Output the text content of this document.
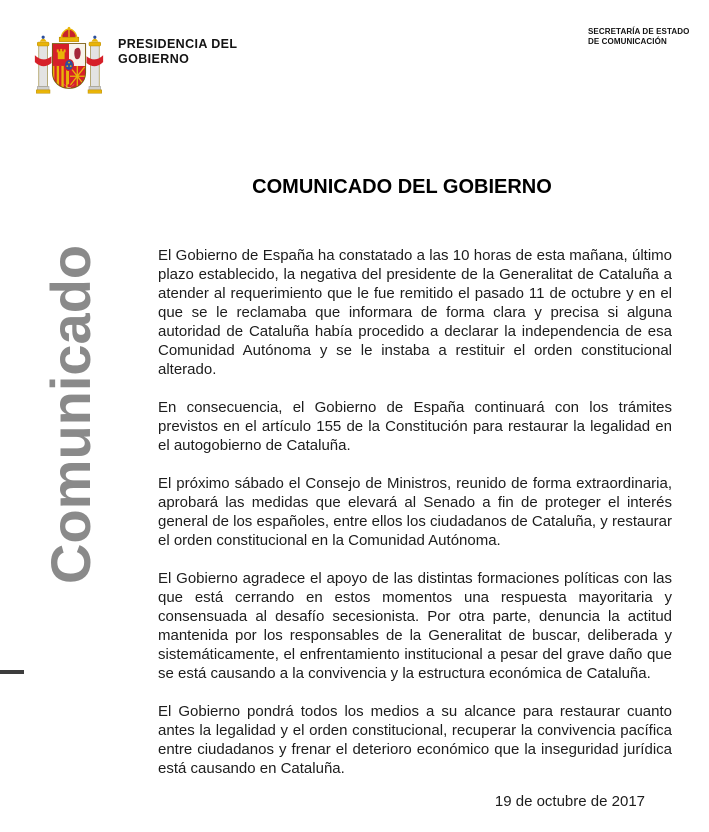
PRESIDENCIA DEL
GOBIERNO
SECRETARÍA DE ESTADO
DE COMUNICACIÓN
Comunicado
COMUNICADO DEL GOBIERNO

El Gobierno de España ha constatado a las 10 horas de esta mañana, último plazo establecido, la negativa del presidente de la Generalitat de Cataluña a atender al requerimiento que le fue remitido el pasado 11 de octubre y en el que se le reclamaba que informara de forma clara y precisa si alguna autoridad de Cataluña había procedido a declarar la independencia de esa Comunidad Autónoma y se le instaba a restituir el orden constitucional alterado.

En consecuencia, el Gobierno de España continuará con los trámites previstos en el artículo 155 de la Constitución para restaurar la legalidad en el autogobierno de Cataluña.

El próximo sábado el Consejo de Ministros, reunido de forma extraordinaria, aprobará las medidas que elevará al Senado a fin de proteger el interés general de los españoles, entre ellos los ciudadanos de Cataluña, y restaurar el orden constitucional en la Comunidad Autónoma.

El Gobierno agradece el apoyo de las distintas formaciones políticas con las que está cerrando en estos momentos una respuesta mayoritaria y consensuada al desafío secesionista. Por otra parte, denuncia la actitud mantenida por los responsables de la Generalitat de buscar, deliberada y sistemáticamente, el enfrentamiento institucional a pesar del grave daño que se está causando a la convivencia y la estructura económica de Cataluña.

El Gobierno pondrá todos los medios a su alcance para restaurar cuanto antes la legalidad y el orden constitucional, recuperar la convivencia pacífica entre ciudadanos y frenar el deterioro económico que la inseguridad jurídica está causando en Cataluña.

19 de octubre de 2017
